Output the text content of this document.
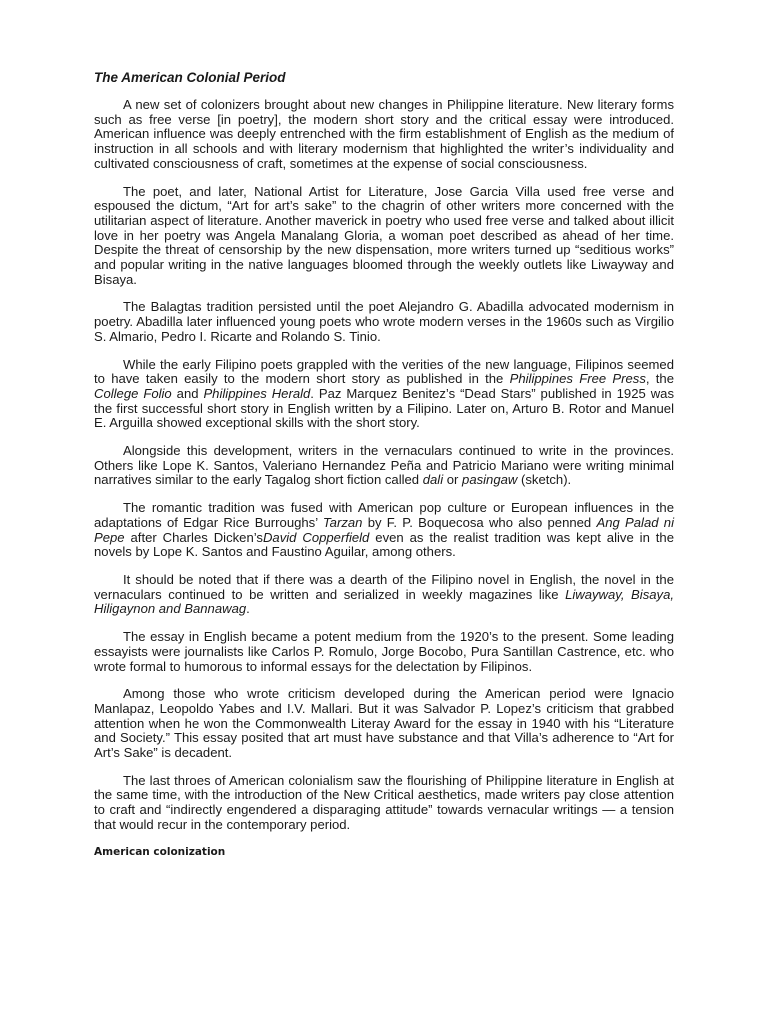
The American Colonial Period
A new set of colonizers brought about new changes in Philippine literature. New literary forms such as free verse [in poetry], the modern short story and the critical essay were introduced. American influence was deeply entrenched with the firm establishment of English as the medium of instruction in all schools and with literary modernism that highlighted the writer’s individuality and cultivated consciousness of craft, sometimes at the expense of social consciousness.
The poet, and later, National Artist for Literature, Jose Garcia Villa used free verse and espoused the dictum, “Art for art’s sake” to the chagrin of other writers more concerned with the utilitarian aspect of literature. Another maverick in poetry who used free verse and talked about illicit love in her poetry was Angela Manalang Gloria, a woman poet described as ahead of her time. Despite the threat of censorship by the new dispensation, more writers turned up “seditious works” and popular writing in the native languages bloomed through the weekly outlets like Liwayway and Bisaya.
The Balagtas tradition persisted until the poet Alejandro G. Abadilla advocated modernism in poetry. Abadilla later influenced young poets who wrote modern verses in the 1960s such as Virgilio S. Almario, Pedro I. Ricarte and Rolando S. Tinio.
While the early Filipino poets grappled with the verities of the new language, Filipinos seemed to have taken easily to the modern short story as published in the Philippines Free Press, the College Folio and Philippines Herald. Paz Marquez Benitez’s “Dead Stars” published in 1925 was the first successful short story in English written by a Filipino. Later on, Arturo B. Rotor and Manuel E. Arguilla showed exceptional skills with the short story.
Alongside this development, writers in the vernaculars continued to write in the provinces. Others like Lope K. Santos, Valeriano Hernandez Peña and Patricio Mariano were writing minimal narratives similar to the early Tagalog short fiction called dali or pasingaw (sketch).
The romantic tradition was fused with American pop culture or European influences in the adaptations of Edgar Rice Burroughs’ Tarzan by F. P. Boquecosa who also penned Ang Palad ni Pepe after Charles Dicken’sDavid Copperfield even as the realist tradition was kept alive in the novels by Lope K. Santos and Faustino Aguilar, among others.
It should be noted that if there was a dearth of the Filipino novel in English, the novel in the vernaculars continued to be written and serialized in weekly magazines like Liwayway, Bisaya, Hiligaynon and Bannawag.
The essay in English became a potent medium from the 1920’s to the present. Some leading essayists were journalists like Carlos P. Romulo, Jorge Bocobo, Pura Santillan Castrence, etc. who wrote formal to humorous to informal essays for the delectation by Filipinos.
Among those who wrote criticism developed during the American period were Ignacio Manlapaz, Leopoldo Yabes and I.V. Mallari. But it was Salvador P. Lopez’s criticism that grabbed attention when he won the Commonwealth Literay Award for the essay in 1940 with his “Literature and Society.” This essay posited that art must have substance and that Villa’s adherence to “Art for Art’s Sake” is decadent.
The last throes of American colonialism saw the flourishing of Philippine literature in English at the same time, with the introduction of the New Critical aesthetics, made writers pay close attention to craft and “indirectly engendered a disparaging attitude” towards vernacular writings — a tension that would recur in the contemporary period.
American colonization
